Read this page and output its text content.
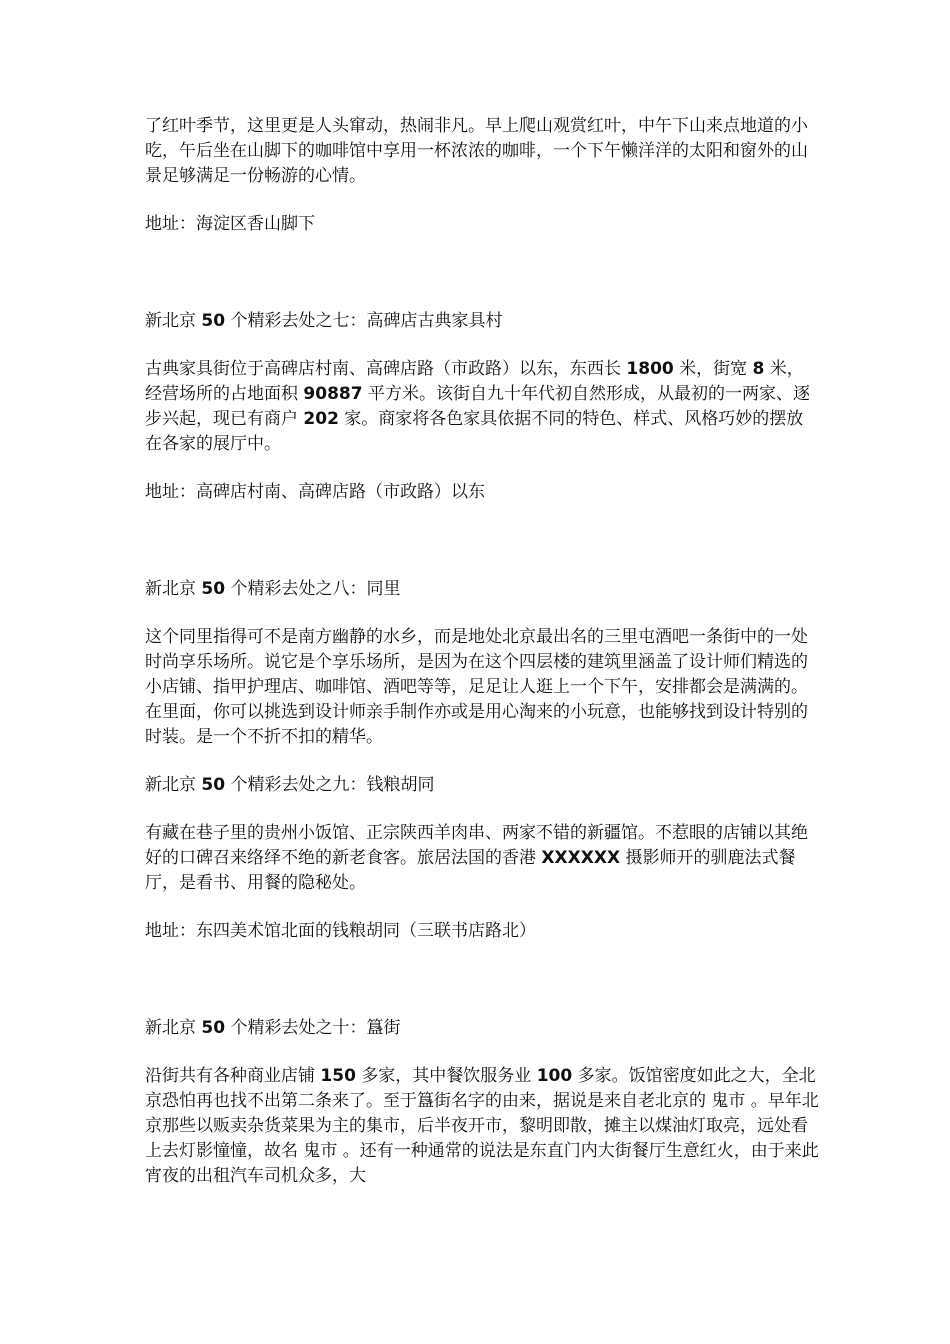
了红叶季节，这里更是人头窜动，热闹非凡。早上爬山观赏红叶，中午下山来点地道的小吃，午后坐在山脚下的咖啡馆中享用一杯浓浓的咖啡，一个下午懒洋洋的太阳和窗外的山景足够满足一份畅游的心情。

地址：海淀区香山脚下

新北京 50 个精彩去处之七：高碑店古典家具村

古典家具街位于高碑店村南、高碑店路（市政路）以东，东西长 1800 米，街宽 8 米，经营场所的占地面积 90887 平方米。该街自九十年代初自然形成，从最初的一两家、逐步兴起，现已有商户 202 家。商家将各色家具依据不同的特色、样式、风格巧妙的摆放在各家的展厅中。

地址：高碑店村南、高碑店路（市政路）以东

新北京 50 个精彩去处之八：同里

这个同里指得可不是南方幽静的水乡，而是地处北京最出名的三里屯酒吧一条街中的一处时尚享乐场所。说它是个享乐场所，是因为在这个四层楼的建筑里涵盖了设计师们精选的小店铺、指甲护理店、咖啡馆、酒吧等等，足足让人逛上一个下午，安排都会是满满的。在里面，你可以挑选到设计师亲手制作亦或是用心淘来的小玩意，也能够找到设计特别的时装。是一个不折不扣的精华。

新北京 50 个精彩去处之九：钱粮胡同

有藏在巷子里的贵州小饭馆、正宗陕西羊肉串、两家不错的新疆馆。不惹眼的店铺以其绝好的口碑召来络绎不绝的新老食客。旅居法国的香港 XXXXXX 摄影师开的驯鹿法式餐厅，是看书、用餐的隐秘处。

地址：东四美术馆北面的钱粮胡同（三联书店路北）

新北京 50 个精彩去处之十：簋街

沿街共有各种商业店铺 150 多家，其中餐饮服务业 100 多家。饭馆密度如此之大，全北京恐怕再也找不出第二条来了。至于簋街名字的由来，据说是来自老北京的 鬼市 。早年北京那些以贩卖杂货菜果为主的集市，后半夜开市，黎明即散，摊主以煤油灯取亮，远处看上去灯影憧憧，故名 鬼市 。还有一种通常的说法是东直门内大街餐厅生意红火，由于来此宵夜的出租汽车司机众多，大
